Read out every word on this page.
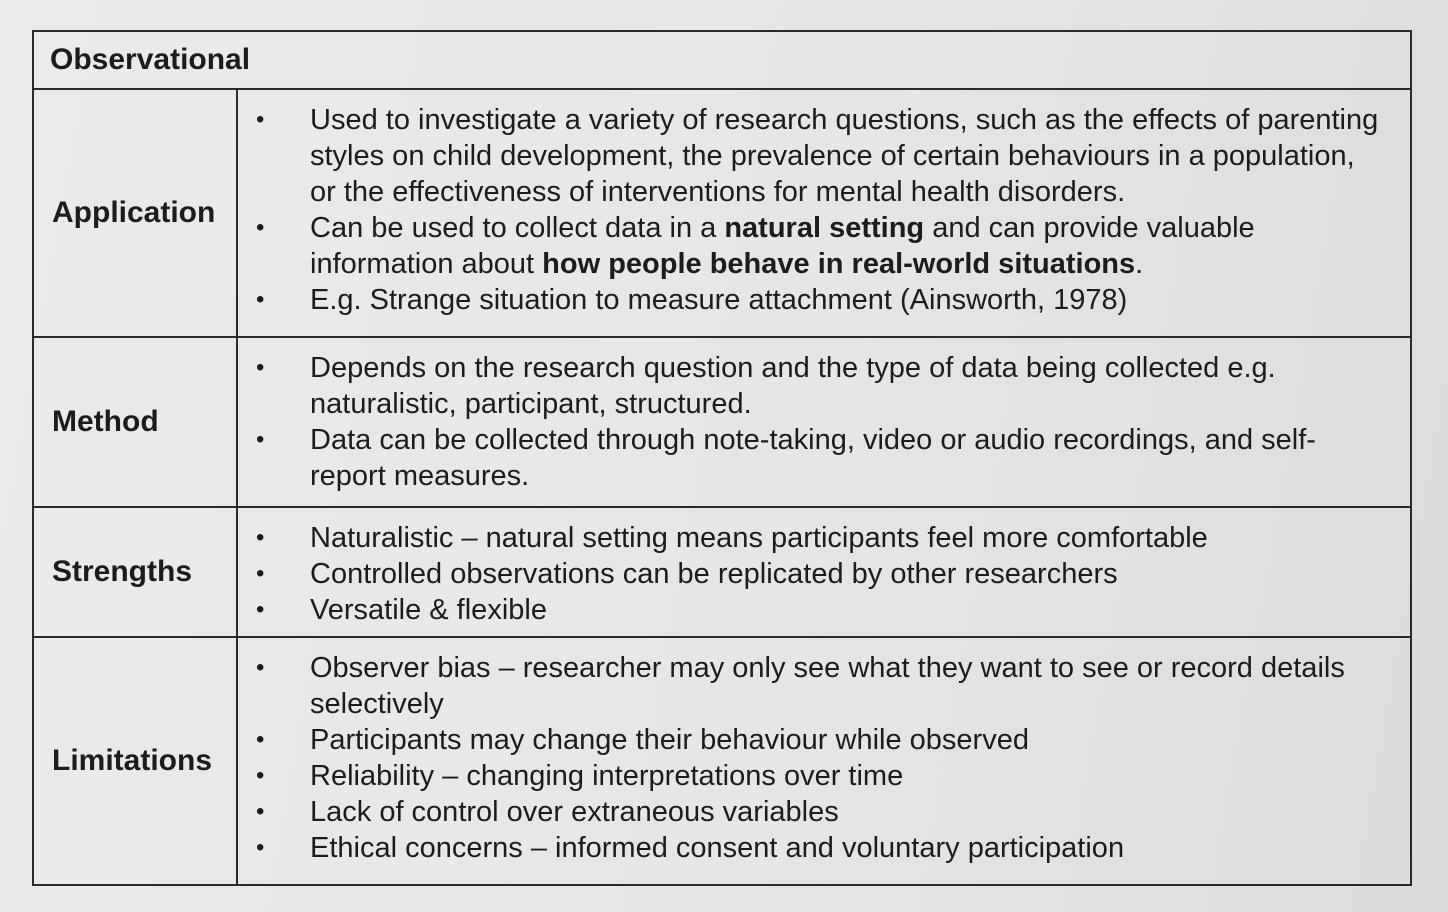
Observational
Application
• Used to investigate a variety of research questions, such as the effects of parenting styles on child development, the prevalence of certain behaviours in a population, or the effectiveness of interventions for mental health disorders.
• Can be used to collect data in a natural setting and can provide valuable information about how people behave in real-world situations.
• E.g. Strange situation to measure attachment (Ainsworth, 1978)
Method
• Depends on the research question and the type of data being collected e.g. naturalistic, participant, structured.
• Data can be collected through note-taking, video or audio recordings, and self-report measures.
Strengths
• Naturalistic – natural setting means participants feel more comfortable
• Controlled observations can be replicated by other researchers
• Versatile & flexible
Limitations
• Observer bias – researcher may only see what they want to see or record details selectively
• Participants may change their behaviour while observed
• Reliability – changing interpretations over time
• Lack of control over extraneous variables
• Ethical concerns – informed consent and voluntary participation
